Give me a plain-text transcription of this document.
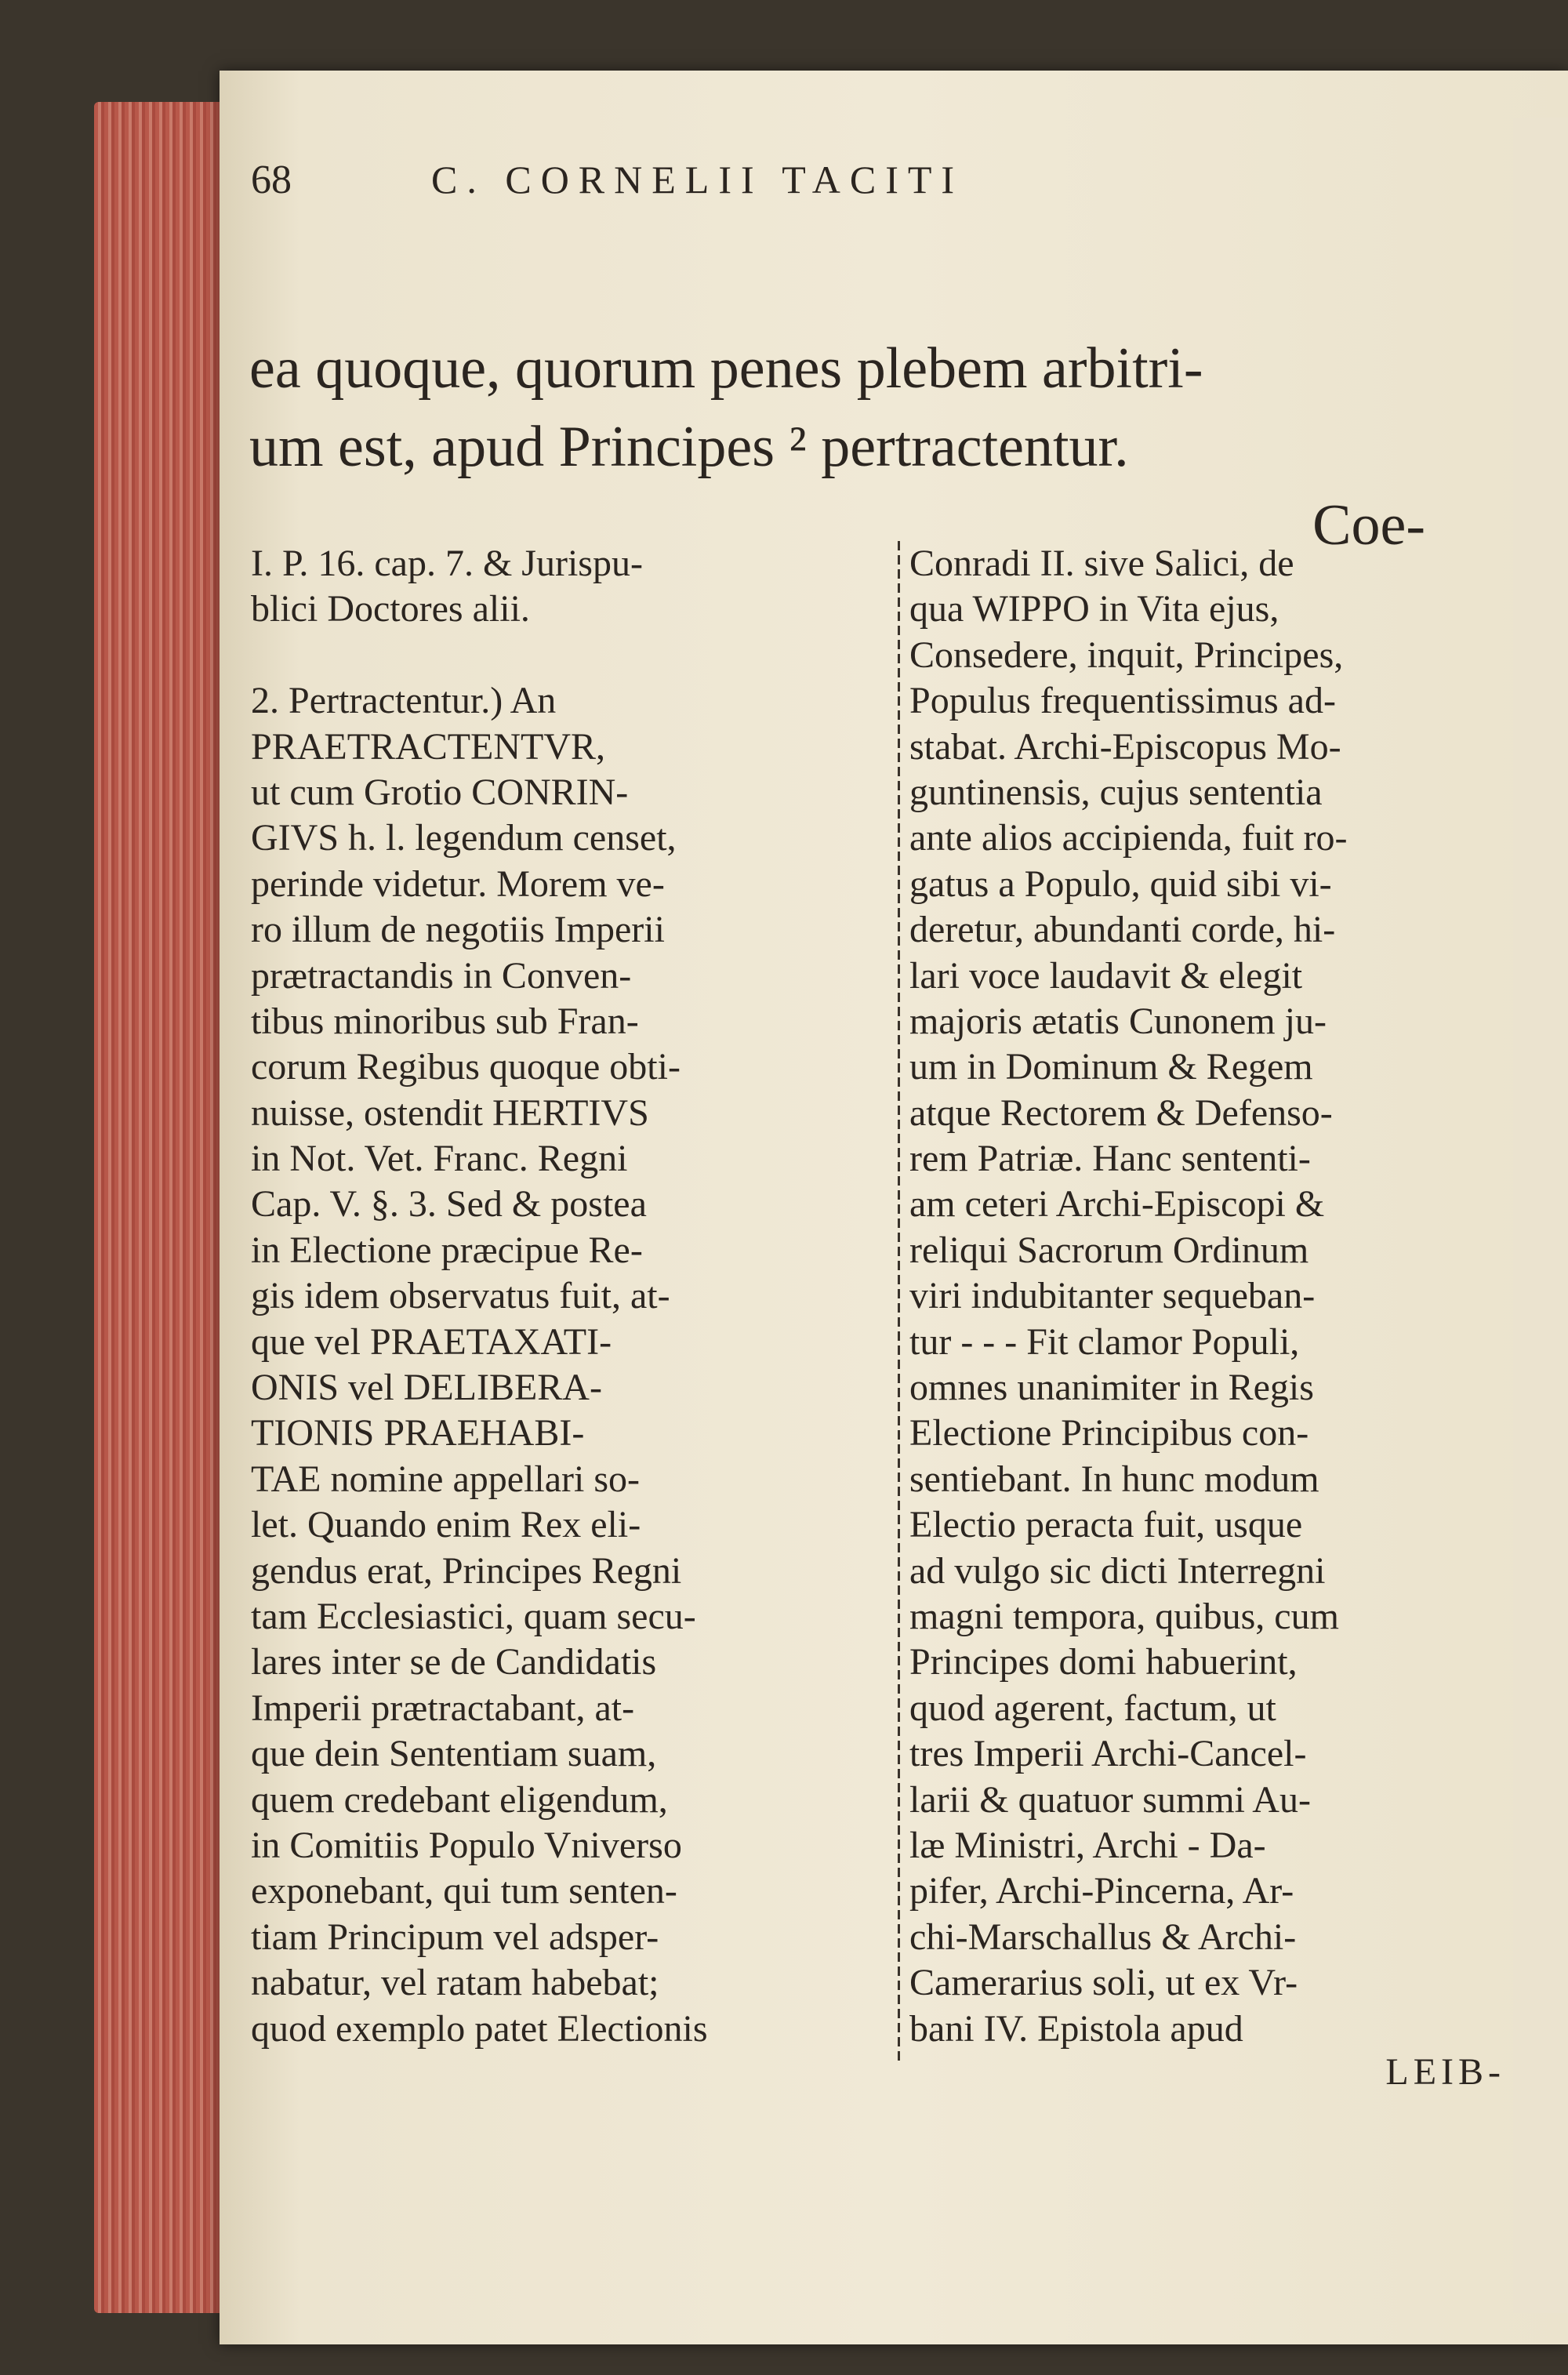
68	C. CORNELII TACITI
ea quoque, quorum penes plebem arbitri-
um est, apud Principes ² pertractentur.
Coe-
I. P. 16. cap. 7. & Jurispu-
blici Doctores alii.
2. Pertractentur.) An
PRAETRACTENTVR,
ut cum Grotio CONRIN-
GIVS h. l. legendum censet,
perinde videtur. Morem ve-
ro illum de negotiis Imperii
prætractandis in Conven-
tibus minoribus sub Fran-
corum Regibus quoque obti-
nuisse, ostendit HERTIVS
in Not. Vet. Franc. Regni
Cap. V. §. 3. Sed & postea
in Electione præcipue Re-
gis idem observatus fuit, at-
que vel PRAETAXATI-
ONIS vel DELIBERA-
TIONIS PRAEHABI-
TAE nomine appellari so-
let. Quando enim Rex eli-
gendus erat, Principes Regni
tam Ecclesiastici, quam secu-
lares inter se de Candidatis
Imperii prætractabant, at-
que dein Sententiam suam,
quem credebant eligendum,
in Comitiis Populo Vniverso
exponebant, qui tum senten-
tiam Principum vel adsper-
nabatur, vel ratam habebat;
quod exemplo patet Electionis
Conradi II. sive Salici, de
qua WIPPO in Vita ejus,
Consedere, inquit, Principes,
Populus frequentissimus ad-
stabat. Archi-Episcopus Mo-
guntinensis, cujus sententia
ante alios accipienda, fuit ro-
gatus a Populo, quid sibi vi-
deretur, abundanti corde, hi-
lari voce laudavit & elegit
majoris ætatis Cunonem ju-
um in Dominum & Regem
atque Rectorem & Defenso-
rem Patriæ. Hanc sententi-
am ceteri Archi-Episcopi &
reliqui Sacrorum Ordinum
viri indubitanter sequeban-
tur - - - Fit clamor Populi,
omnes unanimiter in Regis
Electione Principibus con-
sentiebant. In hunc modum
Electio peracta fuit, usque
ad vulgo sic dicti Interregni
magni tempora, quibus, cum
Principes domi habuerint,
quod agerent, factum, ut
tres Imperii Archi-Cancel-
larii & quatuor summi Au-
læ Ministri, Archi - Da-
pifer, Archi-Pincerna, Ar-
chi-Marschallus & Archi-
Camerarius soli, ut ex Vr-
bani IV. Epistola apud
LEIB-
